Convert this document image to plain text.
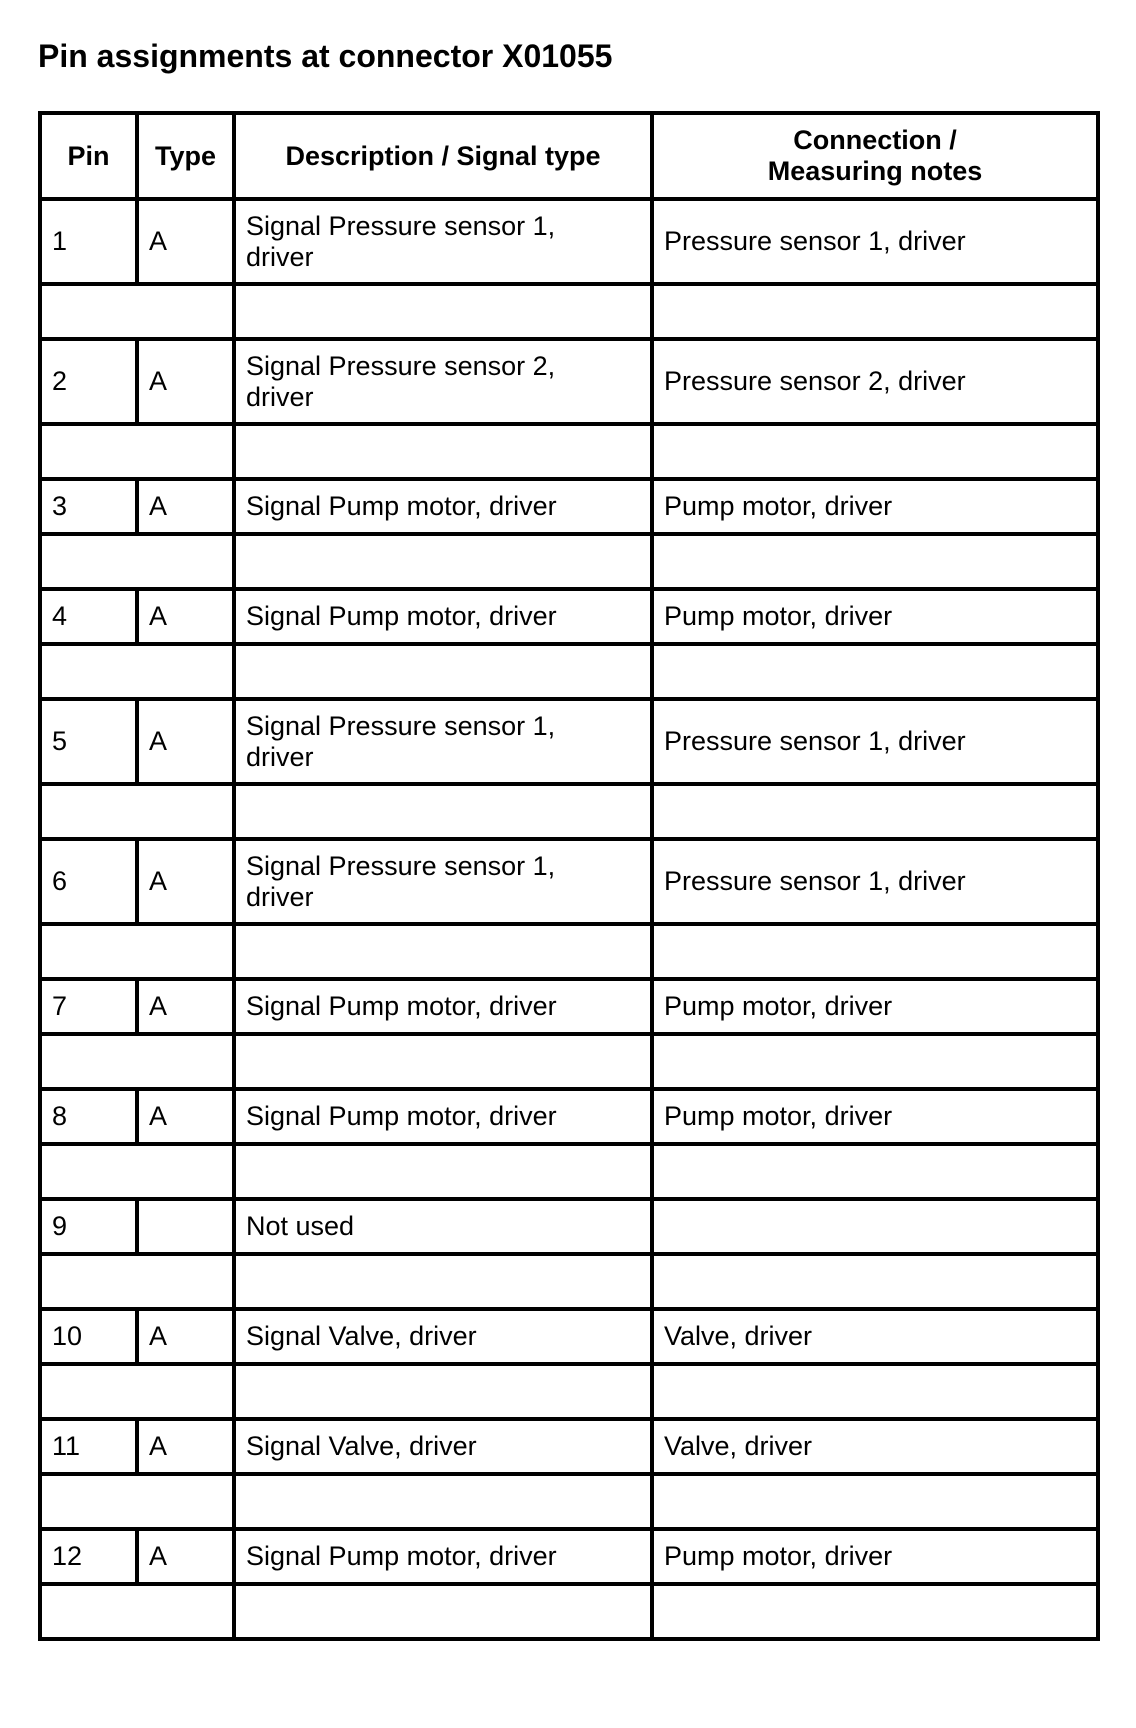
Pin assignments at connector X01055
Pin	Type	Description / Signal type	Connection /
Measuring notes

1	A	Signal Pressure sensor 1,
driver	Pressure sensor 1, driver

2	A	Signal Pressure sensor 2,
driver	Pressure sensor 2, driver

3	A	Signal Pump motor, driver	Pump motor, driver

4	A	Signal Pump motor, driver	Pump motor, driver

5	A	Signal Pressure sensor 1,
driver	Pressure sensor 1, driver

6	A	Signal Pressure sensor 1,
driver	Pressure sensor 1, driver

7	A	Signal Pump motor, driver	Pump motor, driver

8	A	Signal Pump motor, driver	Pump motor, driver

9		Not used	

10	A	Signal Valve, driver	Valve, driver

11	A	Signal Valve, driver	Valve, driver

12	A	Signal Pump motor, driver	Pump motor, driver
